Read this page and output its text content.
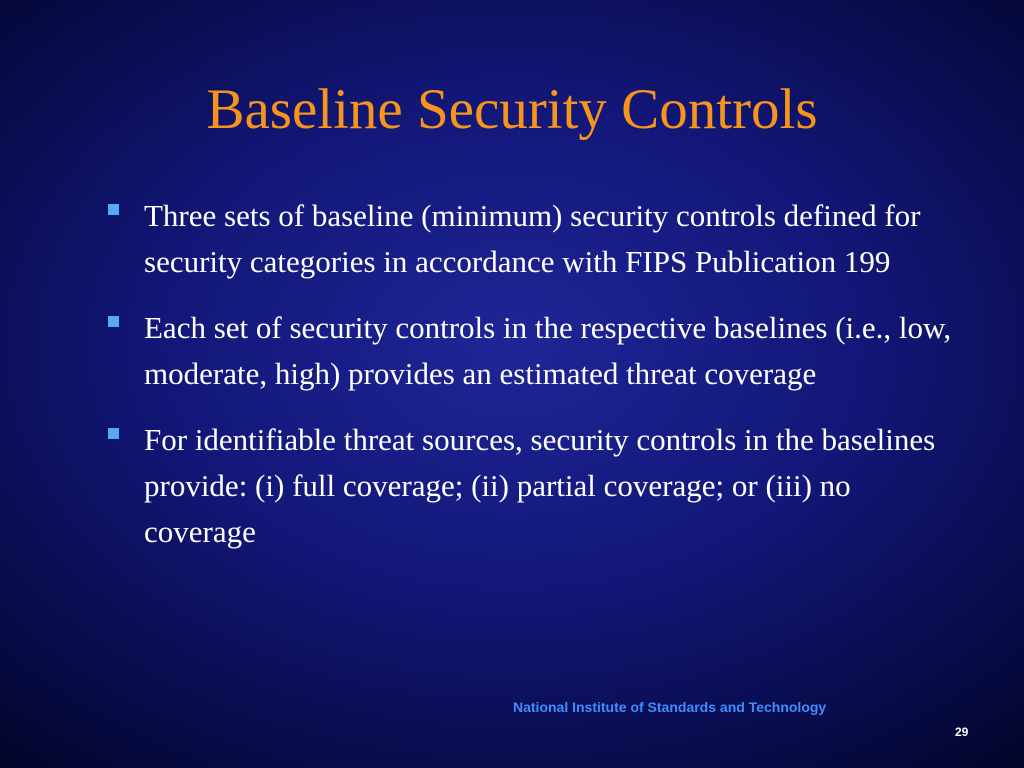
Baseline Security Controls
Three sets of baseline (minimum) security controls defined for security categories in accordance with FIPS Publication 199
Each set of security controls in the respective baselines (i.e., low, moderate, high) provides an estimated threat coverage
For identifiable threat sources, security controls in the baselines provide: (i) full coverage; (ii) partial coverage; or (iii) no coverage
National Institute of Standards and Technology
29
